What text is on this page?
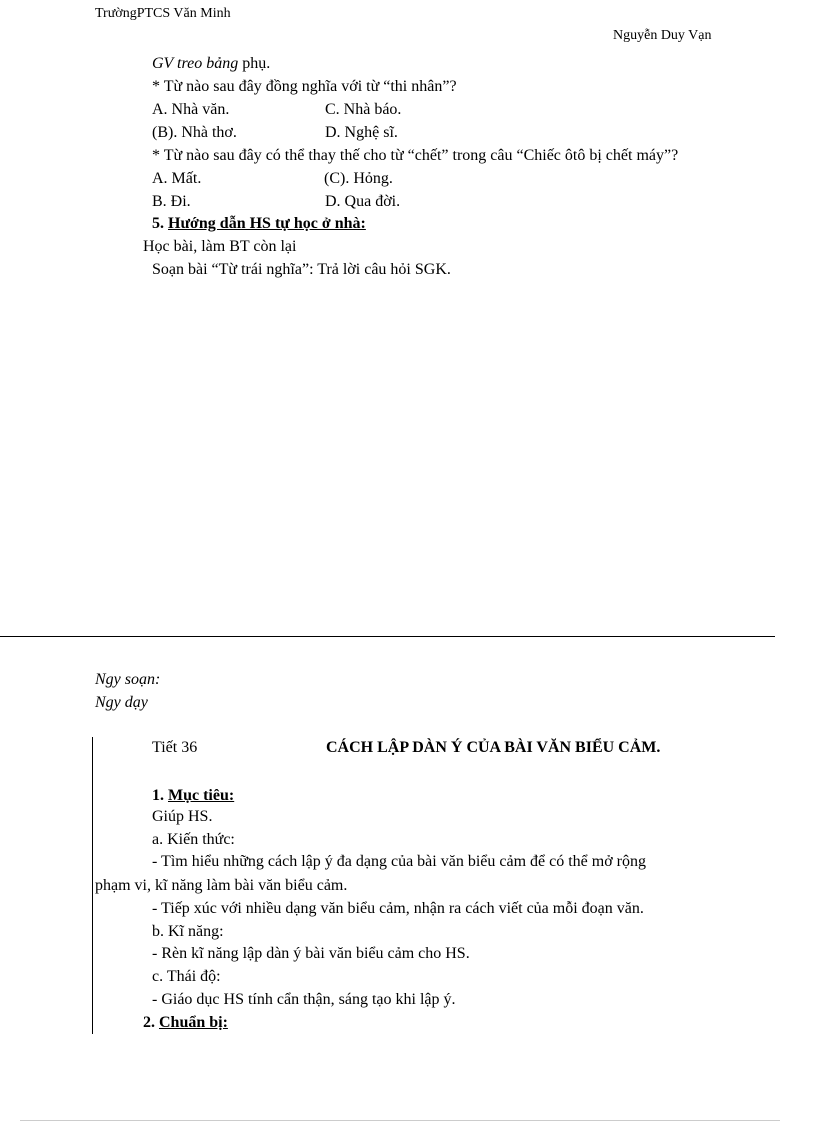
TrườngPTCS Văn Minh
Nguyễn Duy Vạn
GV treo bảng phụ.
* Từ nào sau đây đồng nghĩa với từ “thi nhân”?
A. Nhà văn.	C. Nhà báo.
(B). Nhà thơ.	D. Nghệ sĩ.
* Từ nào sau đây có thể thay thế cho từ “chết” trong câu “Chiếc ôtô bị chết máy”?
A. Mất.	(C). Hỏng.
B. Đi.	D. Qua đời.
5. Hướng dẫn HS tự học ở nhà:
Học bài, làm BT còn lại
Soạn bài “Từ trái nghĩa”: Trả lời câu hỏi SGK.
Ngy soạn:
Ngy dạy
Tiết 36	CÁCH LẬP DÀN Ý CỦA BÀI VĂN BIỂU CẢM.
1. Mục tiêu:
Giúp HS.
a. Kiến thức:
- Tìm hiểu những cách lập ý đa dạng của bài văn biểu cảm để có thể mở rộng
phạm vi, kĩ năng làm bài văn biểu cảm.
- Tiếp xúc với nhiều dạng văn biểu cảm, nhận ra cách viết của mỗi đoạn văn.
b. Kĩ năng:
- Rèn kĩ năng lập dàn ý bài văn biểu cảm cho HS.
c. Thái độ:
- Giáo dục HS tính cẩn thận, sáng tạo khi lập ý.
2. Chuẩn bị:
